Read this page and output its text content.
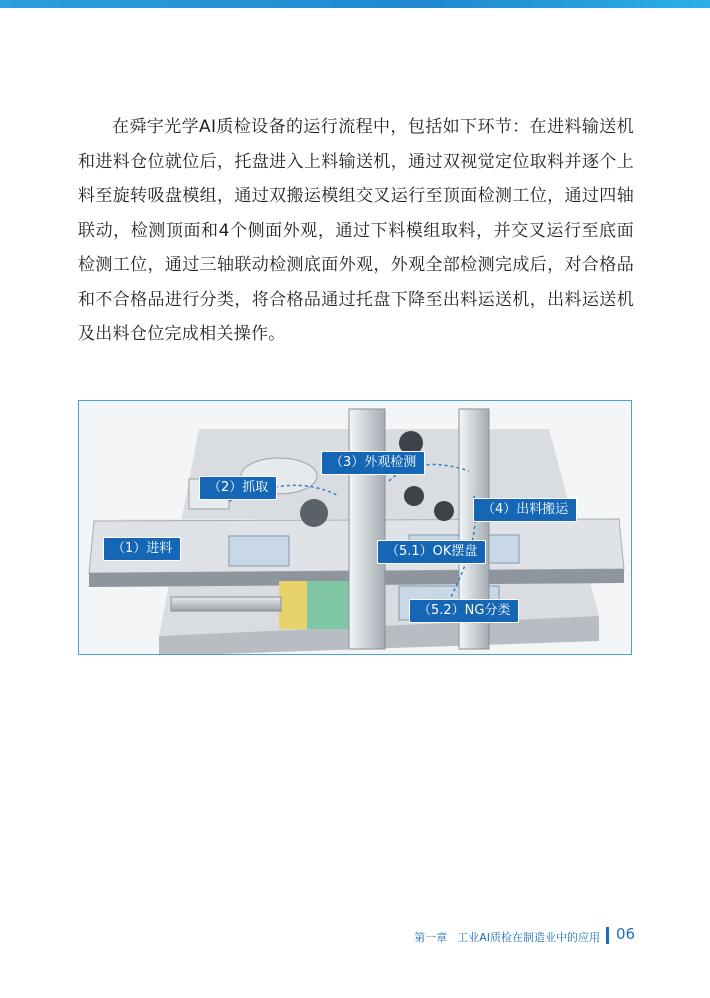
在舜宇光学AI质检设备的运行流程中，包括如下环节：在进料输送机和进料仓位就位后，托盘进入上料输送机，通过双视觉定位取料并逐个上料至旋转吸盘模组，通过双搬运模组交叉运行至顶面检测工位，通过四轴联动，检测顶面和4个侧面外观，通过下料模组取料，并交叉运行至底面检测工位，通过三轴联动检测底面外观，外观全部检测完成后，对合格品和不合格品进行分类，将合格品通过托盘下降至出料运送机，出料运送机及出料仓位完成相关操作。

（1）进料
（2）抓取
（3）外观检测
（4）出料搬运
（5.1）OK摆盘
（5.2）NG分类
第一章 工业AI质检在制造业中的应用 06
